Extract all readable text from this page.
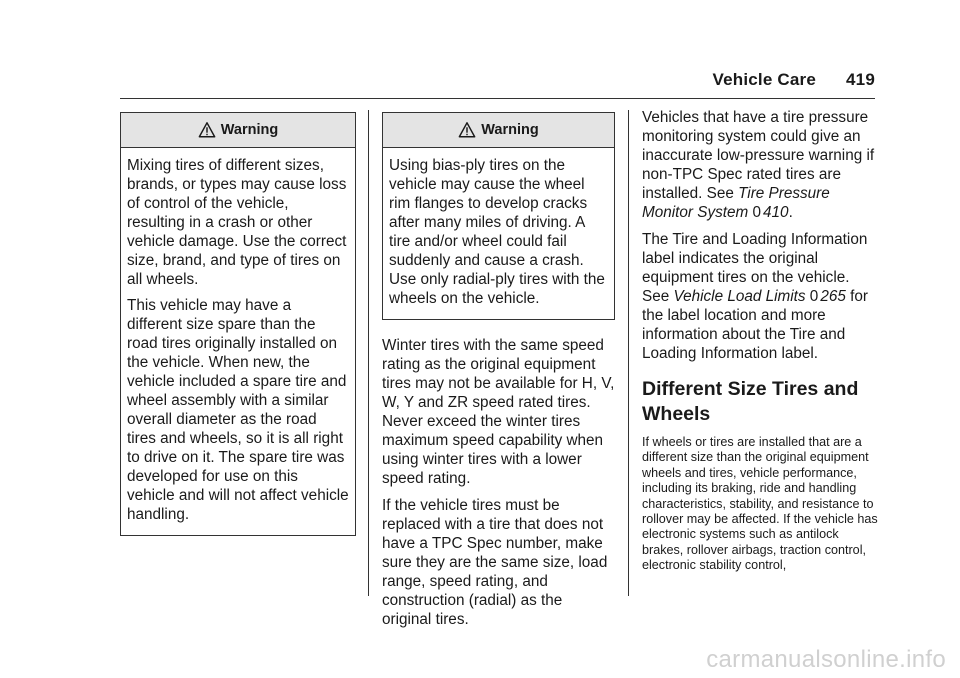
Vehicle Care 419
Warning

Mixing tires of different sizes, brands, or types may cause loss of control of the vehicle, resulting in a crash or other vehicle damage. Use the correct size, brand, and type of tires on all wheels.

This vehicle may have a different size spare than the road tires originally installed on the vehicle. When new, the vehicle included a spare tire and wheel assembly with a similar overall diameter as the road tires and wheels, so it is all right to drive on it. The spare tire was developed for use on this vehicle and will not affect vehicle handling.

Warning

Using bias-ply tires on the vehicle may cause the wheel rim flanges to develop cracks after many miles of driving. A tire and/or wheel could fail suddenly and cause a crash. Use only radial-ply tires with the wheels on the vehicle.

Winter tires with the same speed rating as the original equipment tires may not be available for H, V, W, Y and ZR speed rated tires. Never exceed the winter tires maximum speed capability when using winter tires with a lower speed rating.

If the vehicle tires must be replaced with a tire that does not have a TPC Spec number, make sure they are the same size, load range, speed rating, and construction (radial) as the original tires.

Vehicles that have a tire pressure monitoring system could give an inaccurate low-pressure warning if non-TPC Spec rated tires are installed. See Tire Pressure Monitor System 0 410.

The Tire and Loading Information label indicates the original equipment tires on the vehicle. See Vehicle Load Limits 0 265 for the label location and more information about the Tire and Loading Information label.

Different Size Tires and Wheels

If wheels or tires are installed that are a different size than the original equipment wheels and tires, vehicle performance, including its braking, ride and handling characteristics, stability, and resistance to rollover may be affected. If the vehicle has electronic systems such as antilock brakes, rollover airbags, traction control, electronic stability control,

carmanualsonline.info
